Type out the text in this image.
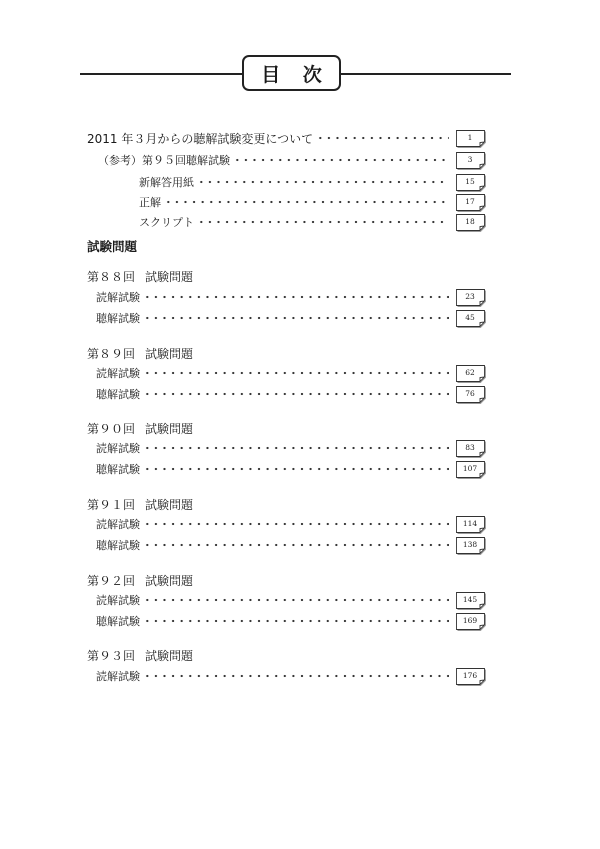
目 次
2011 年３月からの聴解試験変更について	1
（参考）第９５回聴解試験	3
新解答用紙	15
正解	17
スクリプト	18
試験問題
第８８回 試験問題
読解試験	23
聴解試験	45
第８９回 試験問題
読解試験	62
聴解試験	76
第９０回 試験問題
読解試験	83
聴解試験	107
第９１回 試験問題
読解試験	114
聴解試験	138
第９２回 試験問題
読解試験	145
聴解試験	169
第９３回 試験問題
読解試験	176
